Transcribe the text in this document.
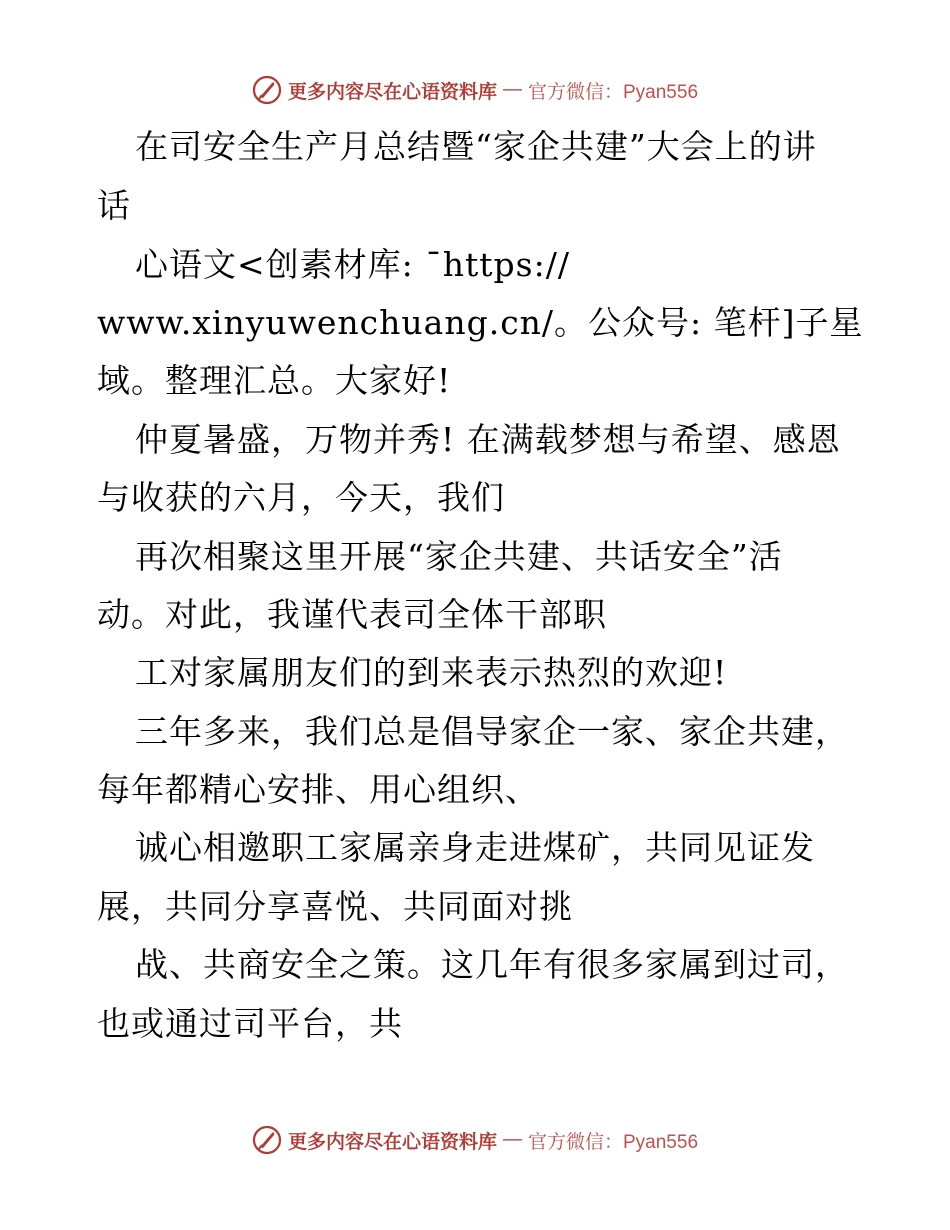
更多内容尽在心语资料库 — 官方微信：Pyan556
在司安全生产月总结暨“家企共建”大会上的讲
话
心语文<创素材库: ¯https://
www.xinyuwenchuang.cn/。公众号: 笔杆]子星
域。整理汇总。大家好!
仲夏暑盛，万物并秀! 在满载梦想与希望、感恩
与收获的六月，今天，我们
再次相聚这里开展“家企共建、共话安全”活
动。对此，我谨代表司全体干部职
工对家属朋友们的到来表示热烈的欢迎!
三年多来，我们总是倡导家企一家、家企共建，
每年都精心安排、用心组织、
诚心相邀职工家属亲身走进煤矿，共同见证发
展，共同分享喜悦、共同面对挑
战、共商安全之策。这几年有很多家属到过司，
也或通过司平台，共
更多内容尽在心语资料库 — 官方微信：Pyan556
